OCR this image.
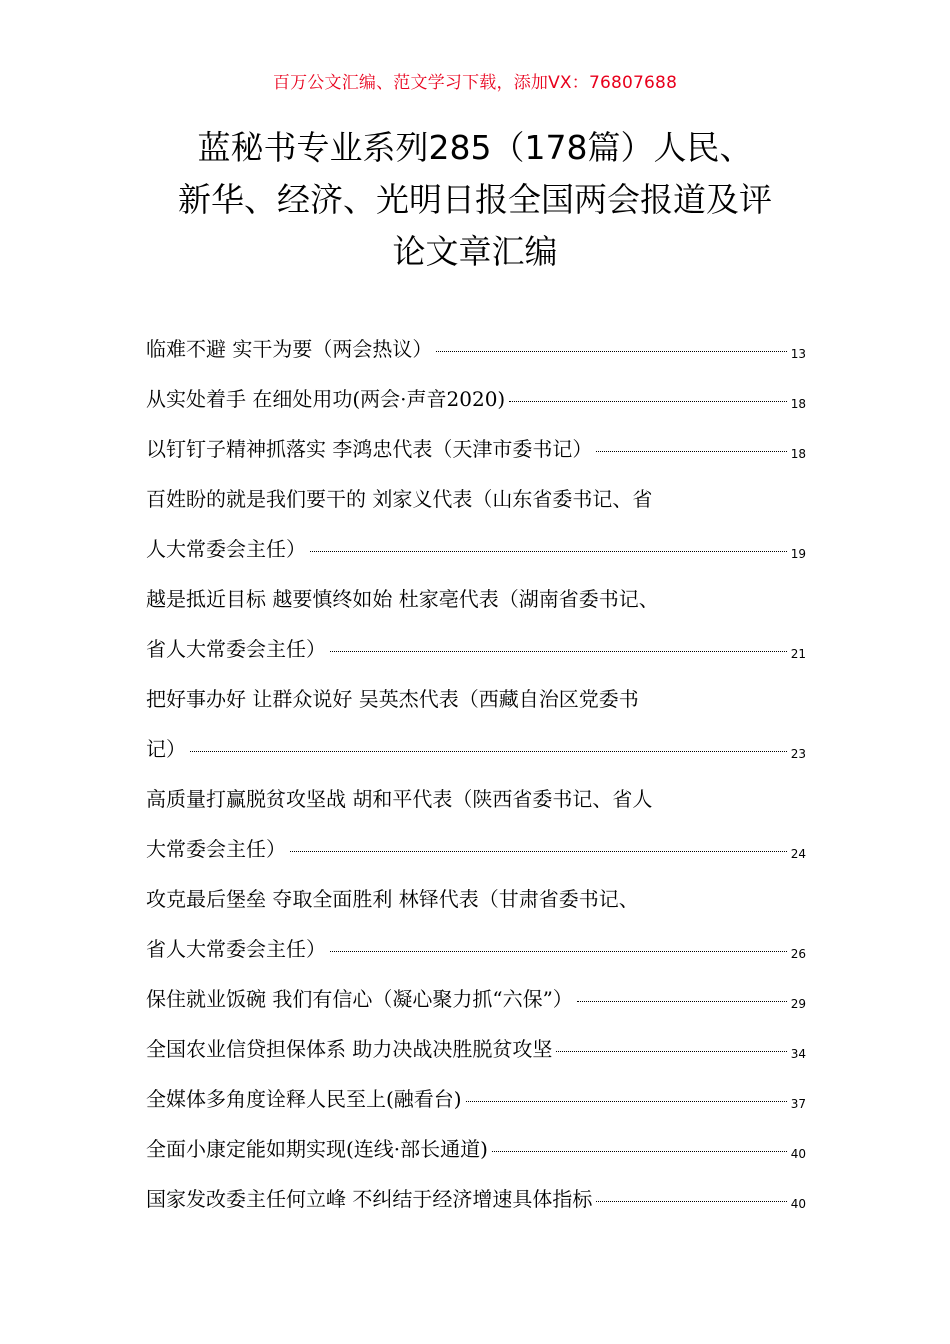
百万公文汇编、范文学习下载，添加VX：76807688
蓝秘书专业系列285（178篇）人民、
新华、经济、光明日报全国两会报道及评
论文章汇编
临难不避 实干为要（两会热议）	13
从实处着手 在细处用功(两会·声音2020)	18
以钉钉子精神抓落实 李鸿忠代表（天津市委书记）	18
百姓盼的就是我们要干的 刘家义代表（山东省委书记、省
人大常委会主任）	19
越是抵近目标 越要慎终如始 杜家亳代表（湖南省委书记、
省人大常委会主任）	21
把好事办好 让群众说好 吴英杰代表（西藏自治区党委书
记）	23
高质量打赢脱贫攻坚战 胡和平代表（陕西省委书记、省人
大常委会主任）	24
攻克最后堡垒 夺取全面胜利 林铎代表（甘肃省委书记、
省人大常委会主任）	26
保住就业饭碗 我们有信心（凝心聚力抓“六保”）	29
全国农业信贷担保体系 助力决战决胜脱贫攻坚	34
全媒体多角度诠释人民至上(融看台)	37
全面小康定能如期实现(连线·部长通道)	40
国家发改委主任何立峰 不纠结于经济增速具体指标	40
